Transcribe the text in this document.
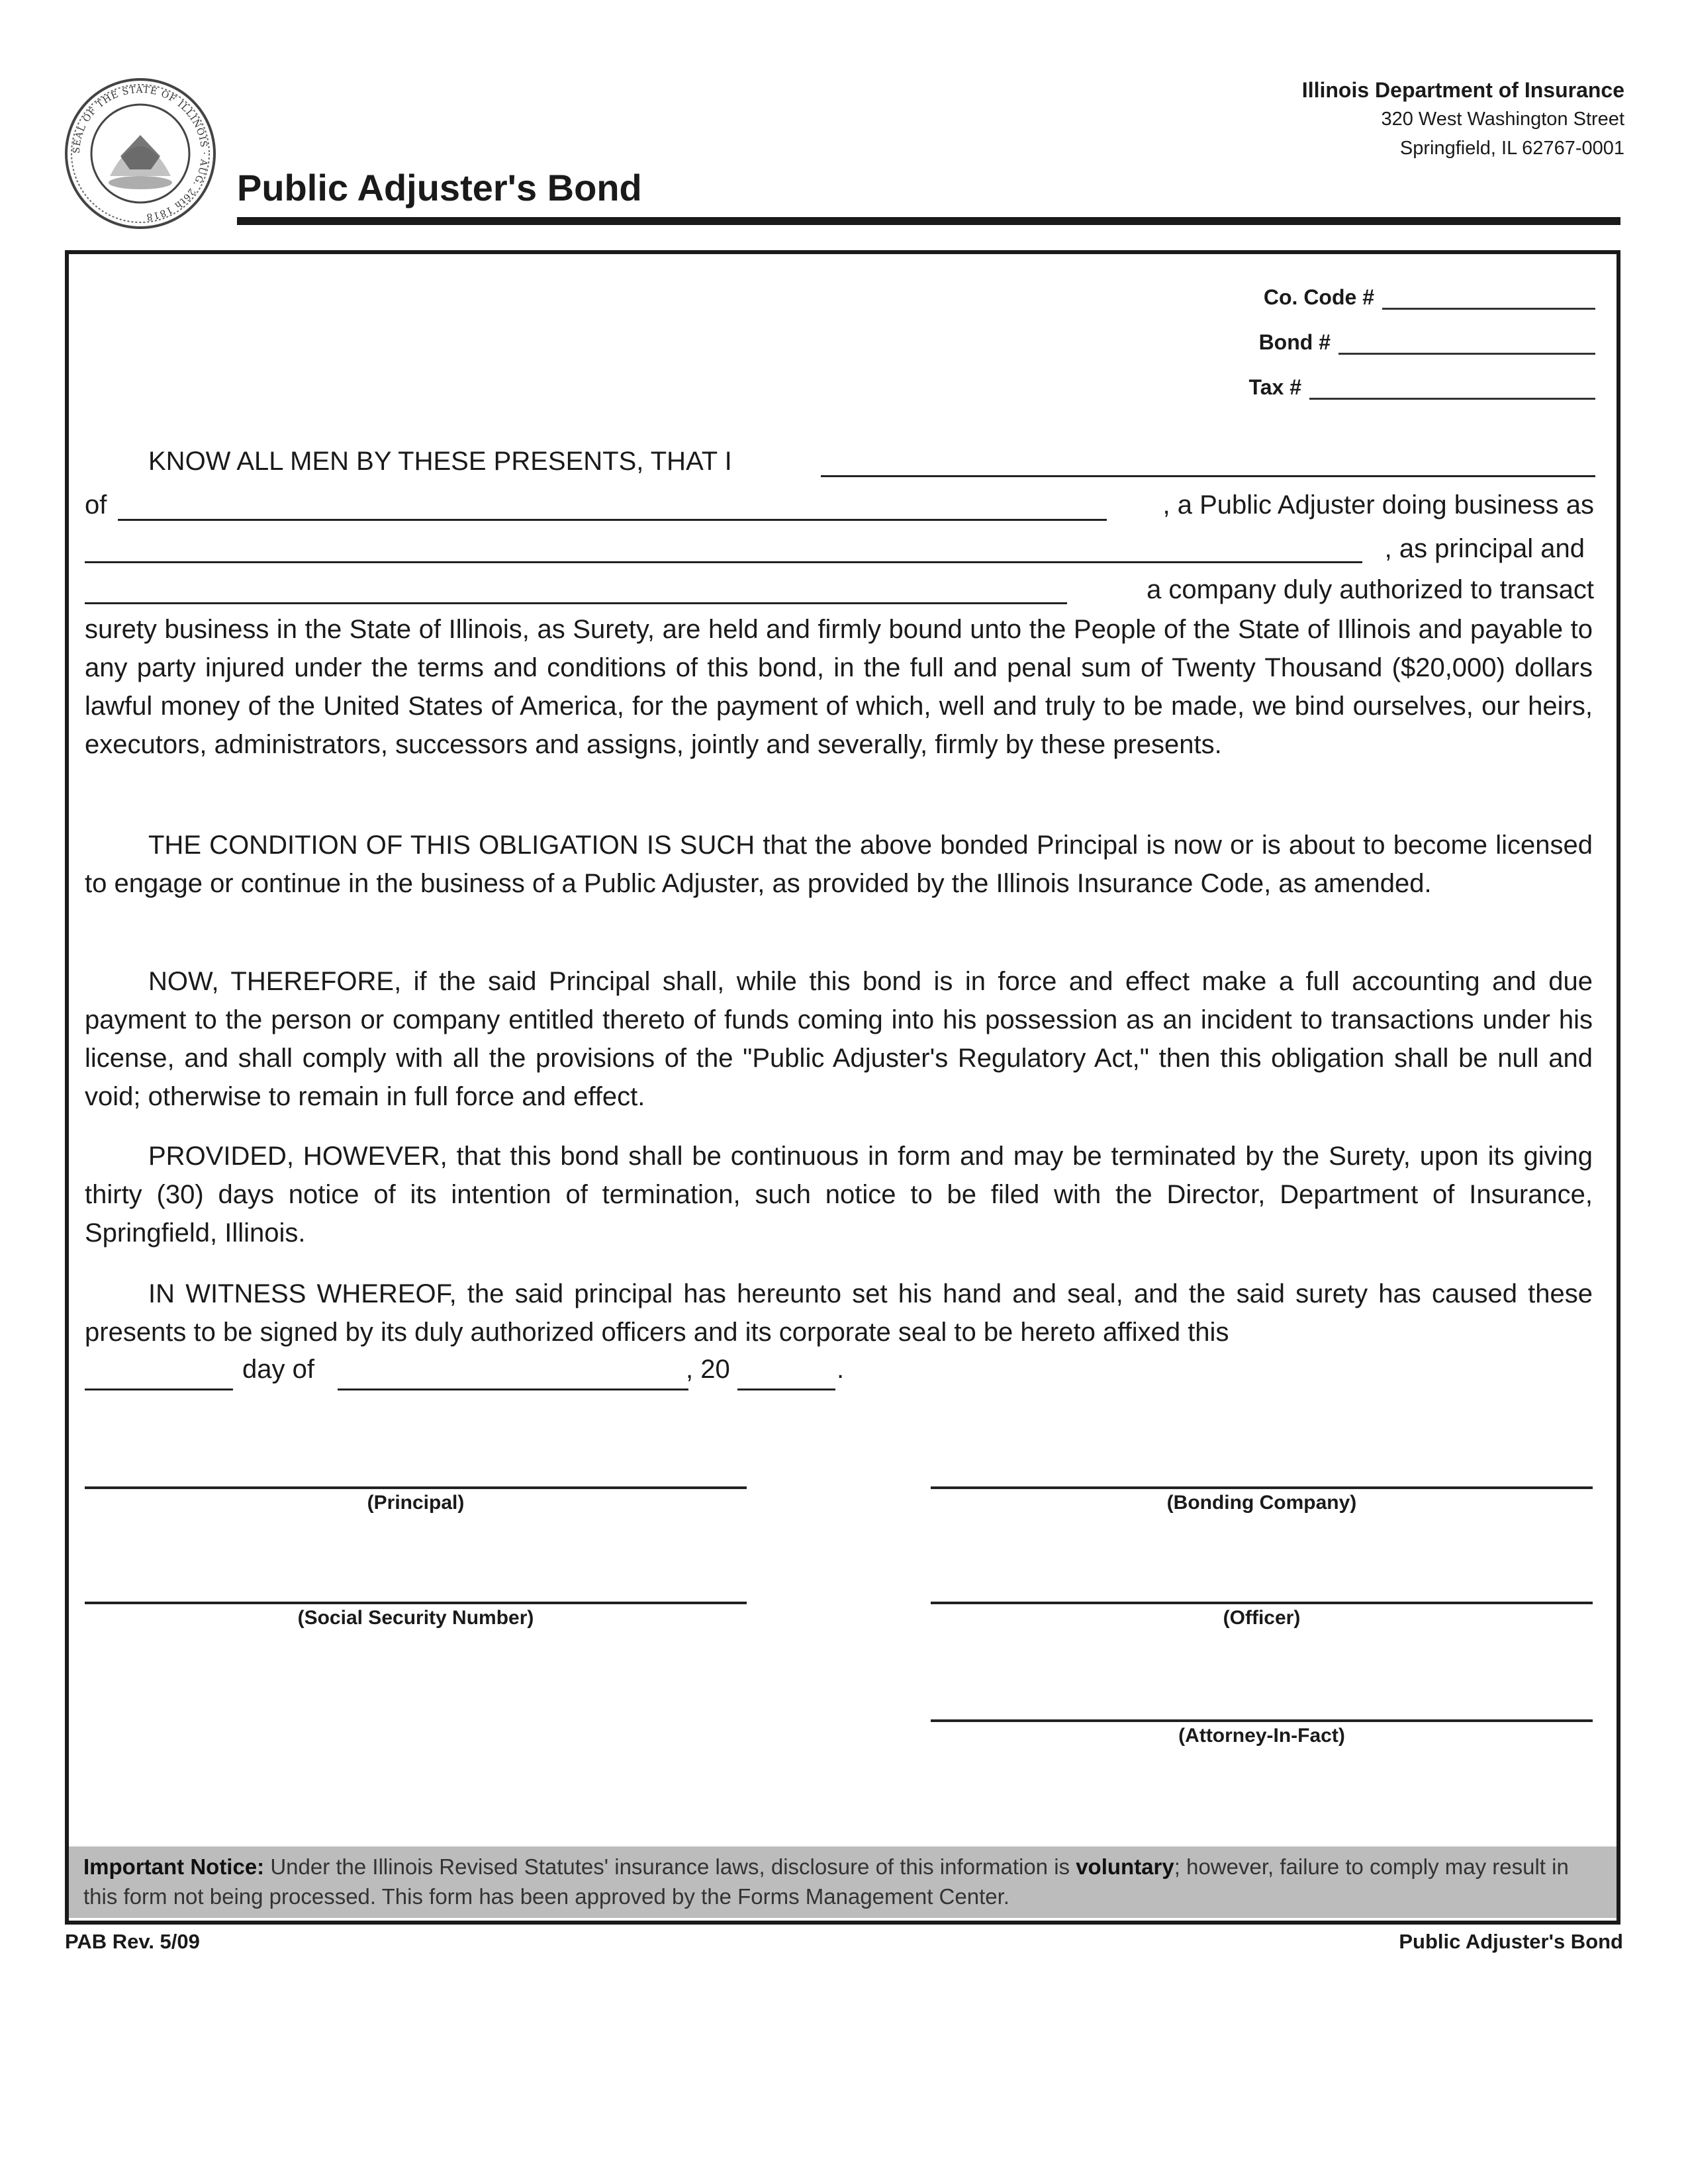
SEAL OF THE STATE OF ILLINOIS · AUG. 26th 1818
Illinois Department of Insurance
320 West Washington Street
Springfield, IL 62767-0001
Public Adjuster's Bond
Co. Code #
Bond #
Tax #
KNOW ALL MEN BY THESE PRESENTS, THAT I
of	, a Public Adjuster doing business as
, as principal and
a company duly authorized to transact

surety business in the State of Illinois, as Surety, are held and firmly bound unto the People of the State of Illinois and payable to any party injured under the terms and conditions of this bond, in the full and penal sum of Twenty Thousand ($20,000) dollars lawful money of the United States of America, for the payment of which, well and truly to be made, we bind ourselves, our heirs, executors, administrators, successors and assigns, jointly and severally, firmly by these presents.

THE CONDITION OF THIS OBLIGATION IS SUCH that the above bonded Principal is now or is about to become licensed to engage or continue in the business of a Public Adjuster, as provided by the Illinois Insurance Code, as amended.

NOW, THEREFORE, if the said Principal shall, while this bond is in force and effect make a full accounting and due payment to the person or company entitled thereto of funds coming into his possession as an incident to transactions under his license, and shall comply with all the provisions of the "Public Adjuster's Regulatory Act," then this obligation shall be null and void; otherwise to remain in full force and effect.

PROVIDED, HOWEVER, that this bond shall be continuous in form and may be terminated by the Surety, upon its giving thirty (30) days notice of its intention of termination, such notice to be filed with the Director, Department of Insurance, Springfield, Illinois.

IN WITNESS WHEREOF, the said principal has hereunto set his hand and seal, and the said surety has caused these presents to be signed by its duly authorized officers and its corporate seal to be hereto affixed this

day of	, 20	.
(Principal)	(Bonding Company)
(Social Security Number)	(Officer)
(Attorney-In-Fact)
Important Notice: Under the Illinois Revised Statutes' insurance laws, disclosure of this information is voluntary; however, failure to comply may result in this form not being processed. This form has been approved by the Forms Management Center.
PAB Rev. 5/09	Public Adjuster's Bond
